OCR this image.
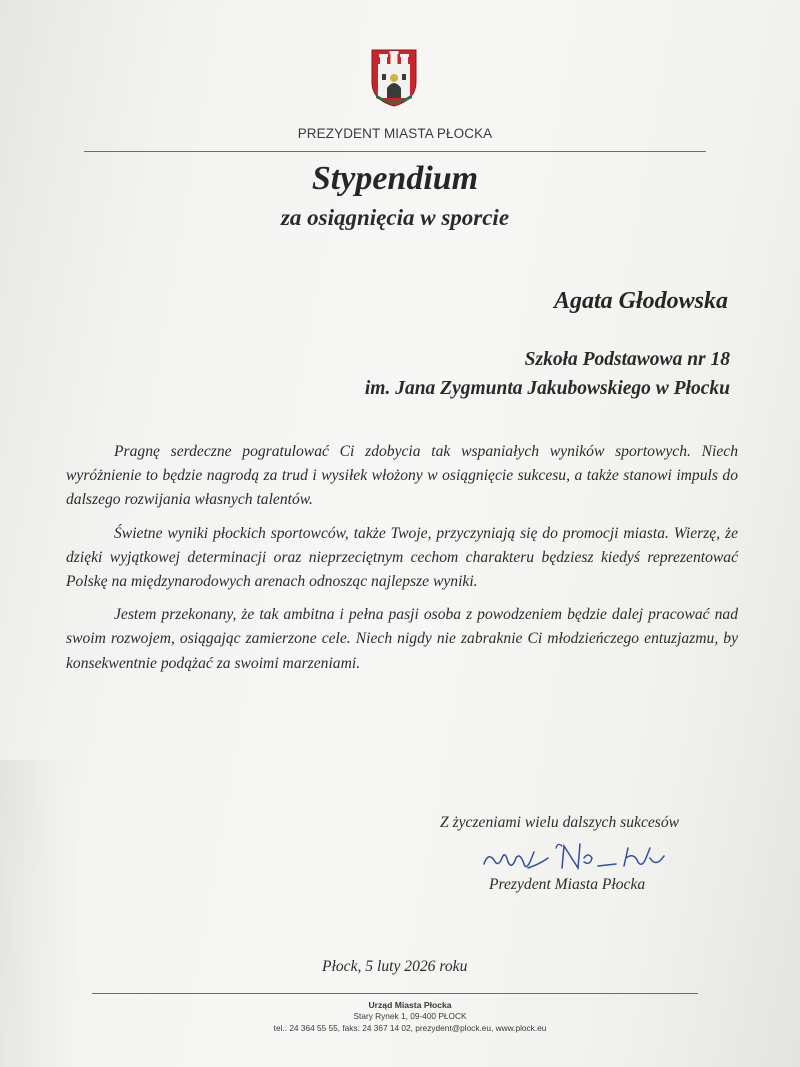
PREZYDENT MIASTA PŁOCKA
Stypendium
za osiągnięcia w sporcie
Agata Głodowska
Szkoła Podstawowa nr 18
im. Jana Zygmunta Jakubowskiego w Płocku

Pragnę serdeczne pogratulować Ci zdobycia tak wspaniałych wyników sportowych. Niech wyróżnienie to będzie nagrodą za trud i wysiłek włożony w osiągnięcie sukcesu, a także stanowi impuls do dalszego rozwijania własnych talentów.

Świetne wyniki płockich sportowców, także Twoje, przyczyniają się do promocji miasta. Wierzę, że dzięki wyjątkowej determinacji oraz nieprzeciętnym cechom charakteru będziesz kiedyś reprezentować Polskę na międzynarodowych arenach odnosząc najlepsze wyniki.

Jestem przekonany, że tak ambitna i pełna pasji osoba z powodzeniem będzie dalej pracować nad swoim rozwojem, osiągając zamierzone cele. Niech nigdy nie zabraknie Ci młodzieńczego entuzjazmu, by konsekwentnie podążać za swoimi marzeniami.

Z życzeniami wielu dalszych sukcesów
Prezydent Miasta Płocka
Płock, 5 luty 2026 roku
Urząd Miasta Płocka
Stary Rynek 1, 09-400 PŁOCK
tel.: 24 364 55 55, faks: 24 367 14 02, prezydent@plock.eu, www.plock.eu
